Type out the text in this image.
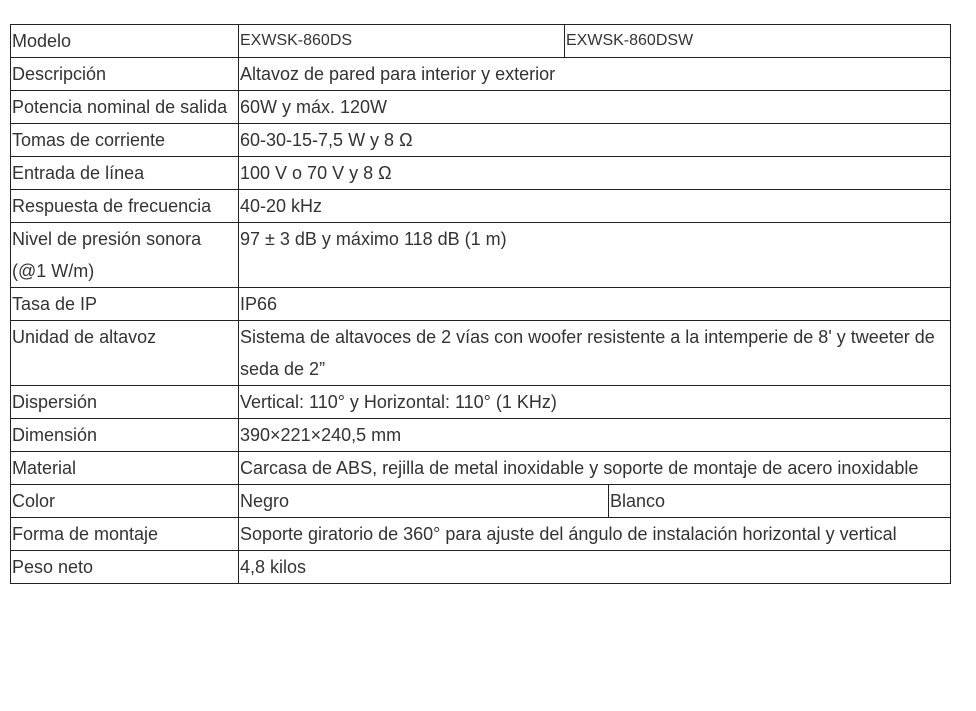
Modelo	EXWSK-860DS	EXWSK-860DSW	
Descripción	Altavoz de pared para interior y exterior		
Potencia nominal de salida	60W y máx. 120W		
Tomas de corriente	60-30-15-7,5 W y 8 Ω		
Entrada de línea	100 V o 70 V y 8 Ω		
Respuesta de frecuencia	40-20 kHz		
Nivel de presión sonora (@1 W/m)	97 ± 3 dB y máximo 118 dB (1 m)		
Tasa de IP	IP66		
Unidad de altavoz	Sistema de altavoces de 2 vías con woofer resistente a la intemperie de 8' y tweeter de seda de 2”		
Dispersión	Vertical: 110° y Horizontal: 110° (1 KHz)		
Dimensión	390×221×240,5 mm		
Material	Carcasa de ABS, rejilla de metal inoxidable y soporte de montaje de acero inoxidable		
Color	Negro		Blanco
Forma de montaje	Soporte giratorio de 360° para ajuste del ángulo de instalación horizontal y vertical		
Peso neto	4,8 kilos		
